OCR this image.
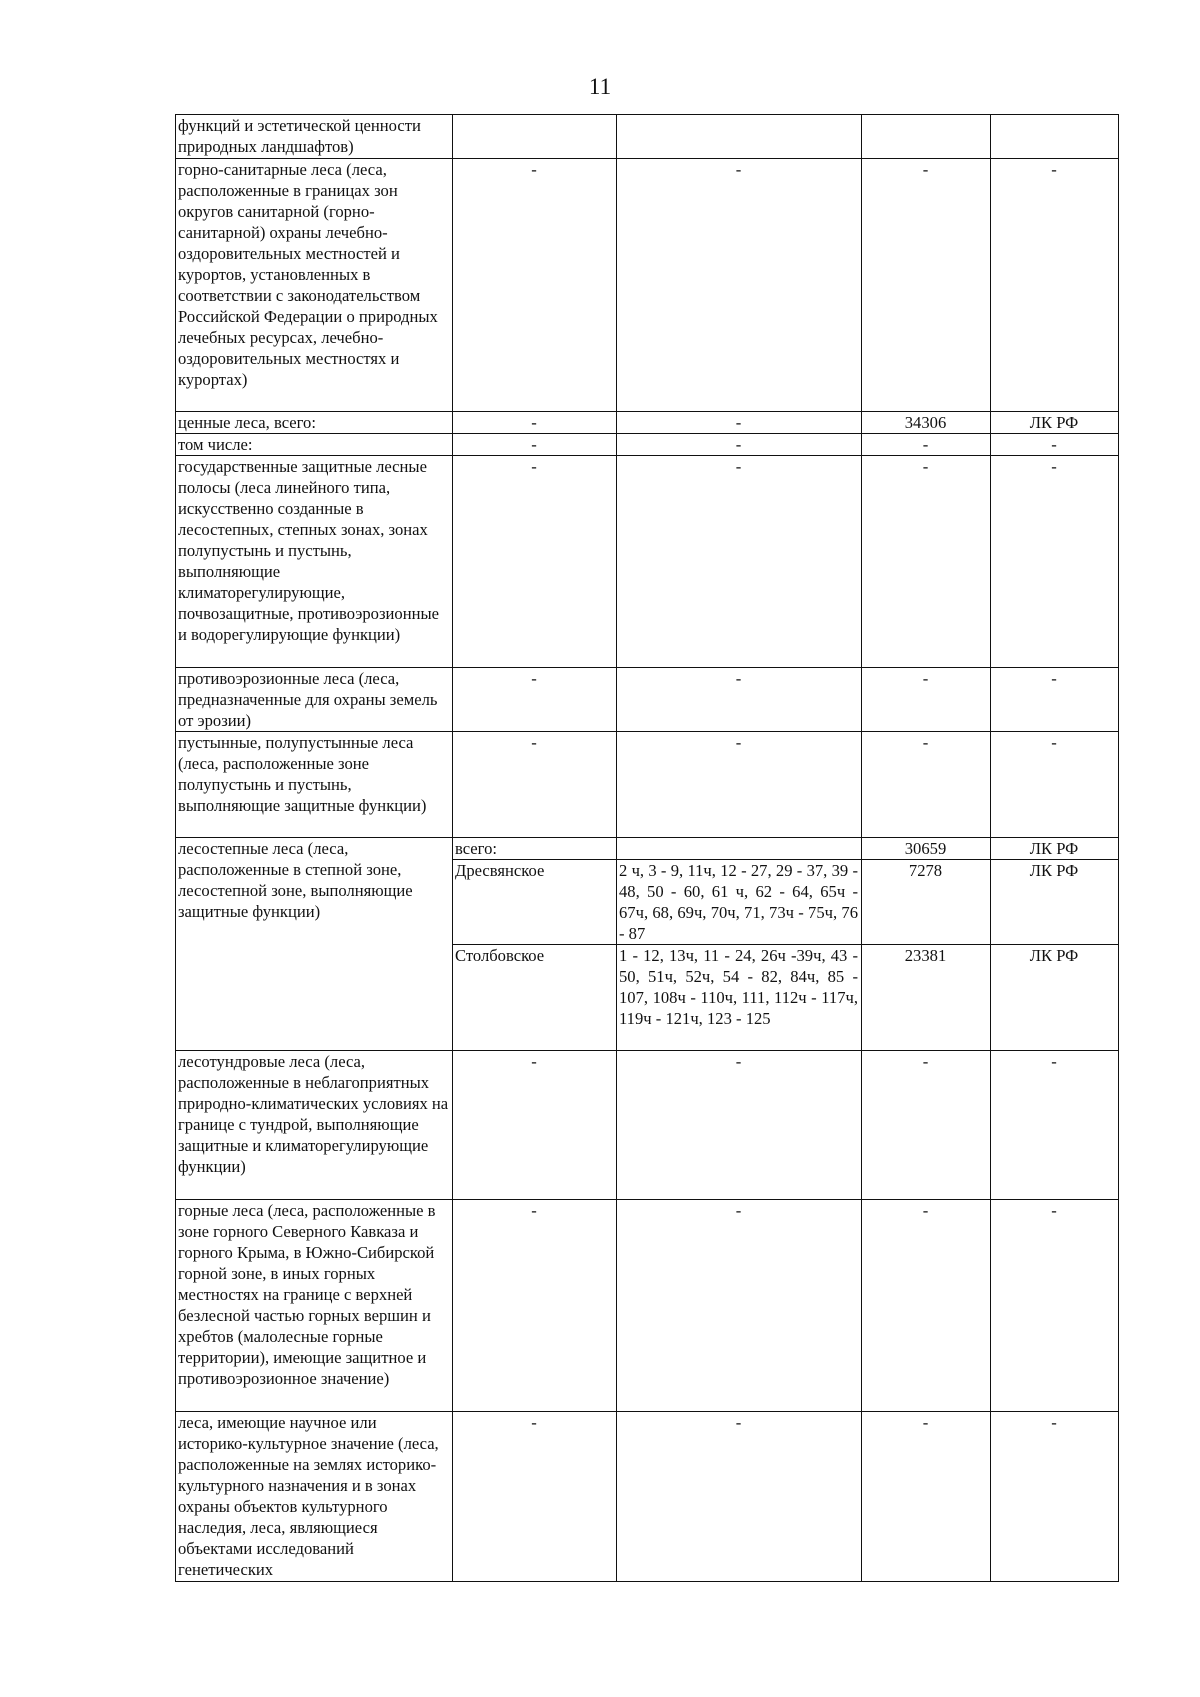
11
функций и эстетической ценности природных ландшафтов)				
горно-санитарные леса (леса, расположенные в границах зон округов санитарной (горно-санитарной) охраны лечебно-оздоровительных местностей и курортов, установленных в соответствии с законодательством Российской Федерации о природных лечебных ресурсах, лечебно-оздоровительных местностях и курортах)	-	-	-	-
ценные леса, всего:	-	-	34306	ЛК РФ
том числе:	-	-	-	-
государственные защитные лесные полосы (леса линейного типа, искусственно созданные в лесостепных, степных зонах, зонах полупустынь и пустынь, выполняющие климаторегулирующие, почвозащитные, противоэрозионные и водорегулирующие функции)	-	-	-	-
противоэрозионные леса (леса, предназначенные для охраны земель от эрозии)	-	-	-	-
пустынные, полупустынные леса (леса, расположенные зоне полупустынь и пустынь, выполняющие защитные функции)	-	-	-	-
лесостепные леса (леса, расположенные в степной зоне, лесостепной зоне, выполняющие защитные функции)	всего:		30659	ЛК РФ
	Дресвянское	2 ч, 3 - 9, 11ч, 12 - 27, 29 - 37, 39 - 48, 50 - 60, 61 ч, 62 - 64, 65ч - 67ч, 68, 69ч, 70ч, 71, 73ч - 75ч, 76 - 87	7278	ЛК РФ
	Столбовское	1 - 12, 13ч, 11 - 24, 26ч -39ч, 43 - 50, 51ч, 52ч, 54 - 82, 84ч, 85 - 107, 108ч - 110ч, 111, 112ч - 117ч, 119ч - 121ч, 123 - 125	23381	ЛК РФ
лесотундровые леса (леса, расположенные в неблагоприятных природно-климатических условиях на границе с тундрой, выполняющие защитные и климаторегулирующие функции)	-	-	-	-
горные леса (леса, расположенные в зоне горного Северного Кавказа и горного Крыма, в Южно-Сибирской горной зоне, в иных горных местностях на границе с верхней безлесной частью горных вершин и хребтов (малолесные горные территории), имеющие защитное и противоэрозионное значение)	-	-	-	-
леса, имеющие научное или историко-культурное значение (леса, расположенные на землях историко-культурного назначения и в зонах охраны объектов культурного наследия, леса, являющиеся объектами исследований генетических	-	-	-	-
